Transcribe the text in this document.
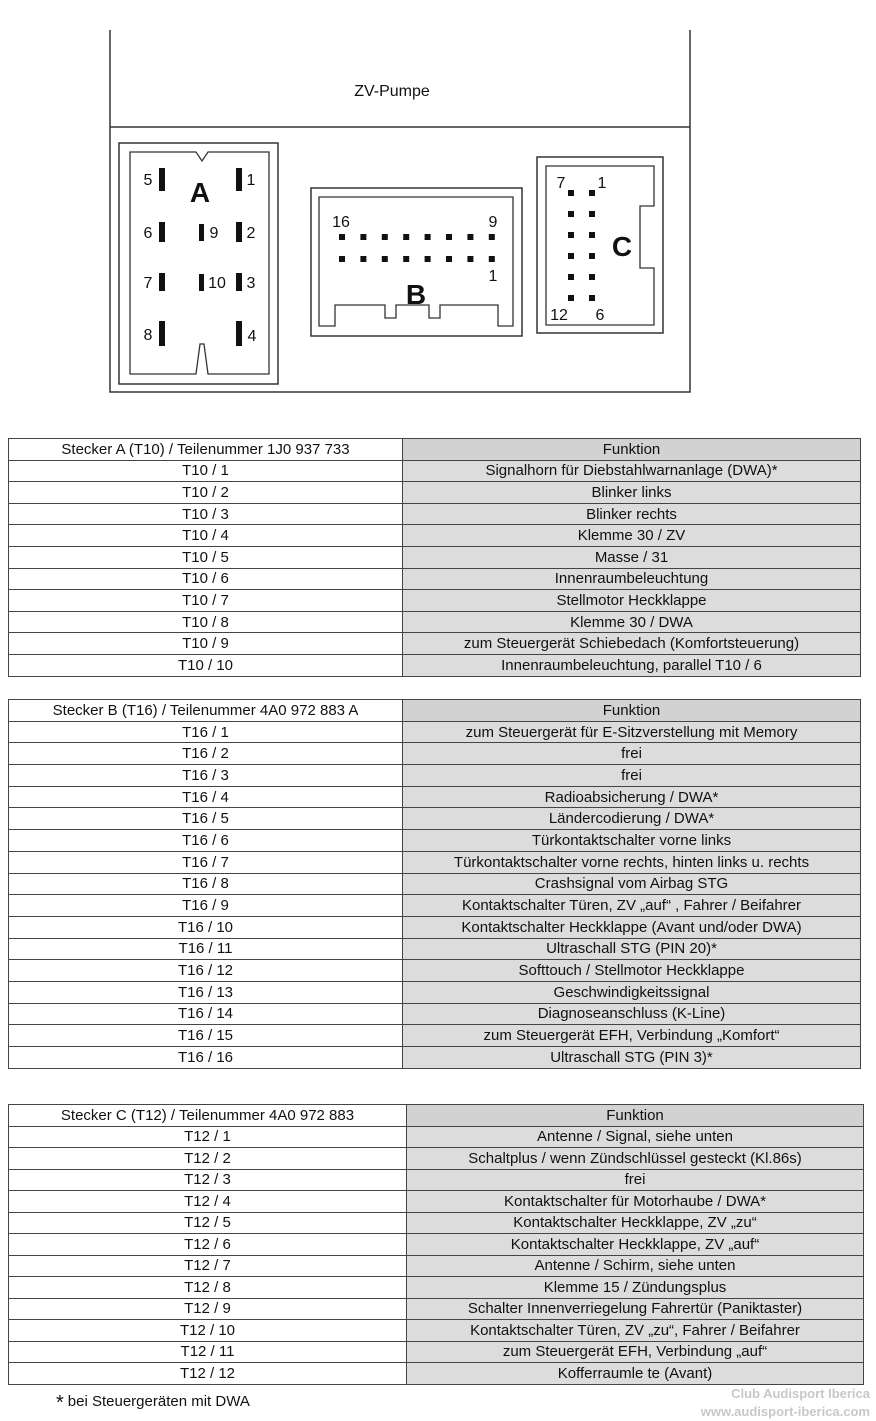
ZV-Pumpe
A
5	1
6	9 2
7	10 3
8	4
16	9
1
B
7 1
12 6
C
Stecker A (T10) / Teilenummer 1J0 937 733	Funktion
T10 / 1	Signalhorn für Diebstahlwarnanlage (DWA)*
T10 / 2	Blinker links
T10 / 3	Blinker rechts
T10 / 4	Klemme 30 / ZV
T10 / 5	Masse / 31
T10 / 6	Innenraumbeleuchtung
T10 / 7	Stellmotor Heckklappe
T10 / 8	Klemme 30 / DWA
T10 / 9	zum Steuergerät Schiebedach (Komfortsteuerung)
T10 / 10	Innenraumbeleuchtung, parallel T10 / 6
Stecker B (T16) / Teilenummer 4A0 972 883 A	Funktion
T16 / 1	zum Steuergerät für E-Sitzverstellung mit Memory
T16 / 2	frei
T16 / 3	frei
T16 / 4	Radioabsicherung / DWA*
T16 / 5	Ländercodierung / DWA*
T16 / 6	Türkontaktschalter vorne links
T16 / 7	Türkontaktschalter vorne rechts, hinten links u. rechts
T16 / 8	Crashsignal vom Airbag STG
T16 / 9	Kontaktschalter Türen, ZV „auf“ , Fahrer / Beifahrer
T16 / 10	Kontaktschalter Heckklappe (Avant und/oder DWA)
T16 / 11	Ultraschall STG (PIN 20)*
T16 / 12	Softtouch / Stellmotor Heckklappe
T16 / 13	Geschwindigkeitssignal
T16 / 14	Diagnoseanschluss (K-Line)
T16 / 15	zum Steuergerät EFH, Verbindung „Komfort“
T16 / 16	Ultraschall STG (PIN 3)*
Stecker C (T12) / Teilenummer 4A0 972 883	Funktion
T12 / 1	Antenne / Signal, siehe unten
T12 / 2	Schaltplus / wenn Zündschlüssel gesteckt (Kl.86s)
T12 / 3	frei
T12 / 4	Kontaktschalter für Motorhaube / DWA*
T12 / 5	Kontaktschalter Heckklappe, ZV „zu“
T12 / 6	Kontaktschalter Heckklappe, ZV „auf“
T12 / 7	Antenne / Schirm, siehe unten
T12 / 8	Klemme 15 / Zündungsplus
T12 / 9	Schalter Innenverriegelung Fahrertür (Paniktaster)
T12 / 10	Kontaktschalter Türen, ZV „zu“, Fahrer / Beifahrer
T12 / 11	zum Steuergerät EFH, Verbindung „auf“
T12 / 12	Kofferraumle te (Avant)
* bei Steuergeräten mit DWA	Club Audisport Iberica
www.audisport-iberica.com
